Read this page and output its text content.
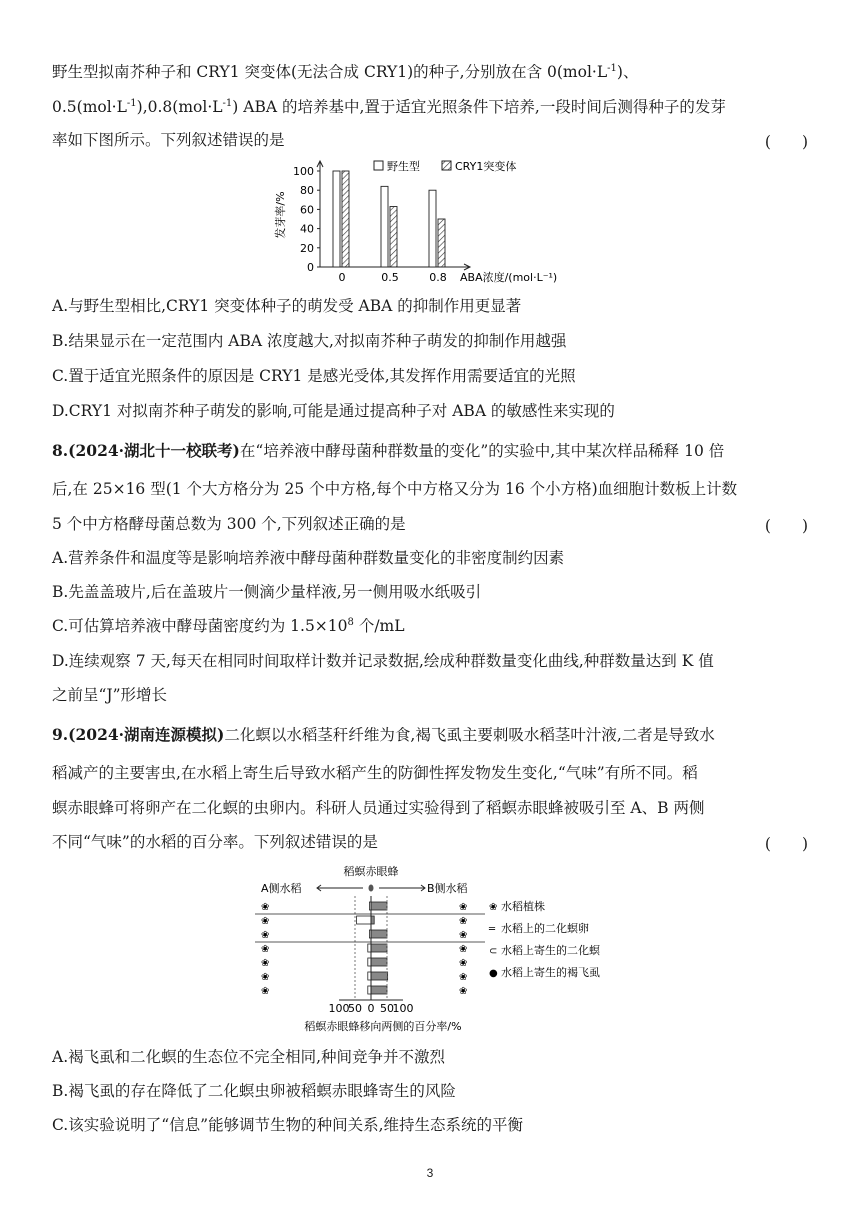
野生型拟南芥种子和 CRY1 突变体(无法合成 CRY1)的种子,分别放在含 $0(mol\cdot L^{-1})$、
$0.5(mol\cdot L^{-1}),0.8(mol\cdot L^{-1})$ ABA 的培养基中,置于适宜光照条件下培养,一段时间后测得种子的发芽
率如下图所示。下列叙述错误的是	(　　)
0
20
40
60
80
100
发芽率/%
0	0.5	0.8 ABA浓度/(mol·L⁻¹)
野生型	CRY1突变体
A.与野生型相比,CRY1 突变体种子的萌发受 ABA 的抑制作用更显著
B.结果显示在一定范围内 ABA 浓度越大,对拟南芥种子萌发的抑制作用越强
C.置于适宜光照条件的原因是 CRY1 是感光受体,其发挥作用需要适宜的光照
D.CRY1 对拟南芥种子萌发的影响,可能是通过提高种子对 ABA 的敏感性来实现的
8.(2024·湖北十一校联考)在“培养液中酵母菌种群数量的变化”的实验中,其中某次样品稀释 10 倍
后,在 25×16 型(1 个大方格分为 25 个中方格,每个中方格又分为 16 个小方格)血细胞计数板上计数
5 个中方格酵母菌总数为 300 个,下列叙述正确的是	(　　)
A.营养条件和温度等是影响培养液中酵母菌种群数量变化的非密度制约因素
B.先盖盖玻片,后在盖玻片一侧滴少量样液,另一侧用吸水纸吸引
C.可估算培养液中酵母菌密度约为 $1.5\times 10^8$ 个/mL
D.连续观察 7 天,每天在相同时间取样计数并记录数据,绘成种群数量变化曲线,种群数量达到 K 值
之前呈“J”形增长
9.(2024·湖南连源模拟)二化螟以水稻茎秆纤维为食,褐飞虱主要刺吸水稻茎叶汁液,二者是导致水
稻减产的主要害虫,在水稻上寄生后导致水稻产生的防御性挥发物发生变化,“气味”有所不同。稻
螟赤眼蜂可将卵产在二化螟的虫卵内。科研人员通过实验得到了稻螟赤眼蜂被吸引至 A、B 两侧
不同“气味”的水稻的百分率。下列叙述错误的是	(　　)
稻螟赤眼蜂
A侧水稻	B侧水稻
❀	❀
❀	❀
❀	❀
❀	❀
❀	❀
❀	❀
❀	❀
100
50 0 50
100
稻螟赤眼蜂移向两侧的百分率/%
❀ 水稻植株
═ 水稻上的二化螟卵
⊂ 水稻上寄生的二化螟
● 水稻上寄生的褐飞虱
A.褐飞虱和二化螟的生态位不完全相同,种间竞争并不激烈
B.褐飞虱的存在降低了二化螟虫卵被稻螟赤眼蜂寄生的风险
C.该实验说明了“信息”能够调节生物的种间关系,维持生态系统的平衡
3
